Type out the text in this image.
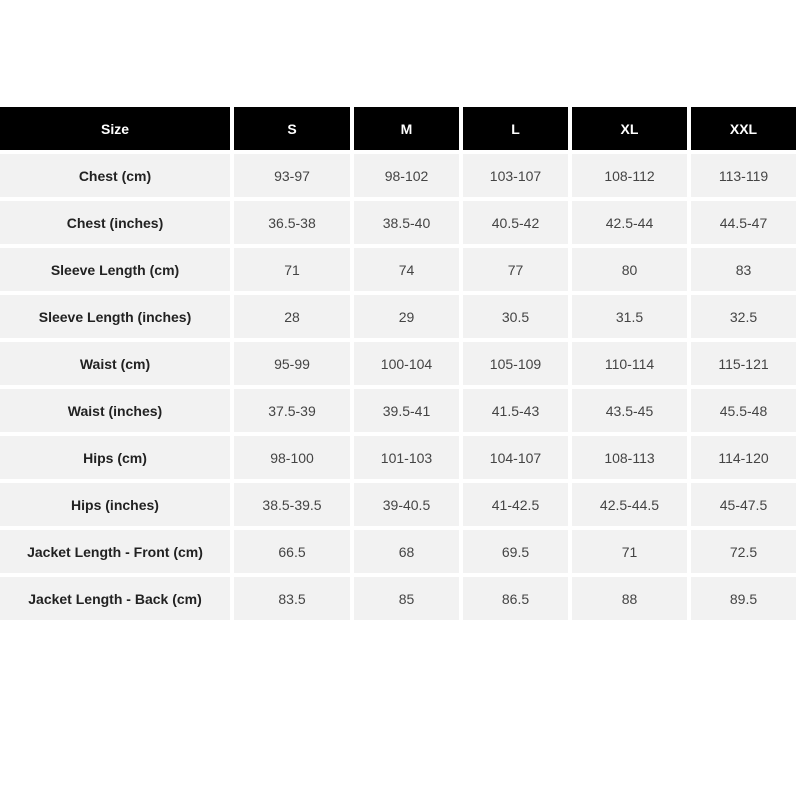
Size	S	M	L	XL	XXL
Chest (cm)	93-97	98-102	103-107	108-112	113-119
Chest (inches)	36.5-38	38.5-40	40.5-42	42.5-44	44.5-47
Sleeve Length (cm)	71	74	77	80	83
Sleeve Length (inches)	28	29	30.5	31.5	32.5
Waist (cm)	95-99	100-104	105-109	110-114	115-121
Waist (inches)	37.5-39	39.5-41	41.5-43	43.5-45	45.5-48
Hips (cm)	98-100	101-103	104-107	108-113	114-120
Hips (inches)	38.5-39.5	39-40.5	41-42.5	42.5-44.5	45-47.5
Jacket Length - Front (cm)	66.5	68	69.5	71	72.5
Jacket Length - Back (cm)	83.5	85	86.5	88	89.5
